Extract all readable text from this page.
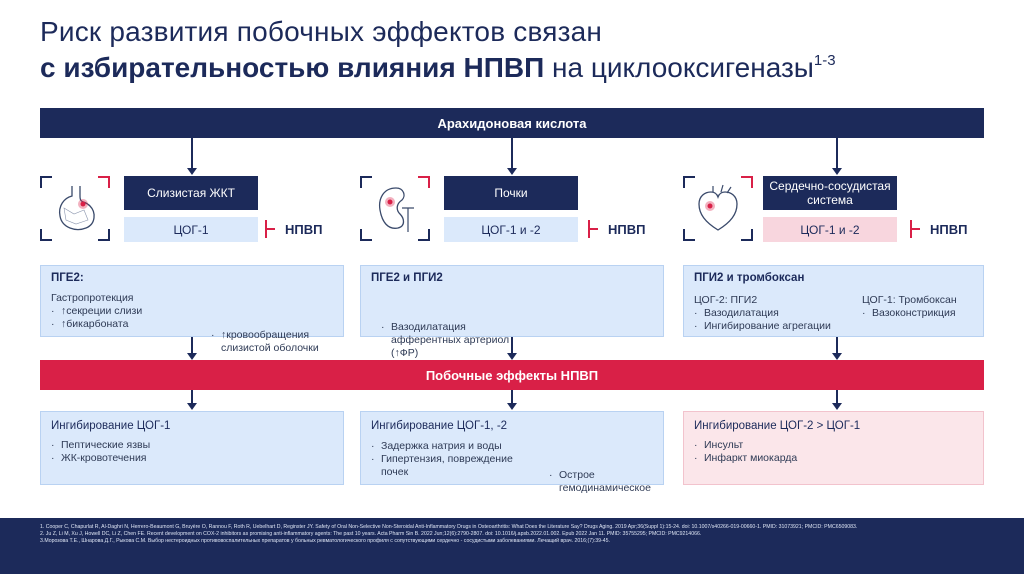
Риск развития побочных эффектов связан
с избирательностью влияния НПВП на циклооксигеназы$^{1-3}$
Арахидоновая кислота
Слизистая ЖКТ
ЦОГ-1	НПВП
ПГЕ2:
Гастропротекция
· ↑секреции слизи
· ↑бикарбоната
· ↑кровообращения слизистой оболочки
Почки
ЦОГ-1 и -2	НПВП
ПГЕ2 и ПГИ2
· Вазодилатация афферентных артериол (↑ФР)
·
Сердечно-сосудистая система
ЦОГ-1 и -2	НПВП
ПГИ2 и тромбоксан
ЦОГ-2: ПГИ2
· Вазодилатация
· Ингибирование агрегации
ЦОГ-1: Тромбоксан
· Вазоконстрикция
Побочные эффекты НПВП
Ингибирование ЦОГ-1
· Пептические язвы
· ЖК-кровотечения
Ингибирование ЦОГ-1, -2
· Задержка натрия и воды
· Гипертензия, повреждение почек
·	Острое гемодинамическое
Ингибирование ЦОГ-2 > ЦОГ-1
· Инсульт
· Инфаркт миокарда
1. Cooper C, Chapurlat R, Al-Daghri N, Herrero-Beaumont G, Bruyère O, Rannou F, Roth R, Uebelhart D, Reginster JY. Safety of Oral Non-Selective Non-Steroidal Anti-Inflammatory Drugs in Osteoarthritis: What Does the Literature Say? Drugs Aging. 2019 Apr;36(Suppl 1):15-24. doi: 10.1007/s40266-019-00660-1. PMID: 31073921; PMCID: PMC6509083.
2. Ju Z, Li M, Xu J, Howell DC, Li Z, Chen FE. Recent development on COX-2 inhibitors as promising anti-inflammatory agents: The past 10 years. Acta Pharm Sin B. 2022 Jun;12(6):2790-2807. doi: 10.1016/j.apsb.2022.01.002. Epub 2022 Jan 11. PMID: 35755295; PMCID: PMC9214066.
3.Морозова Т.Е., Шнарова Д.Г., Рыкова С.М. Выбор нестероидных противовоспалительных препаратов у больных ревматологического профиля с сопутствующими сердечно - сосудистыми заболеваниями. Лечащий врач. 2016;(7):39-45.
